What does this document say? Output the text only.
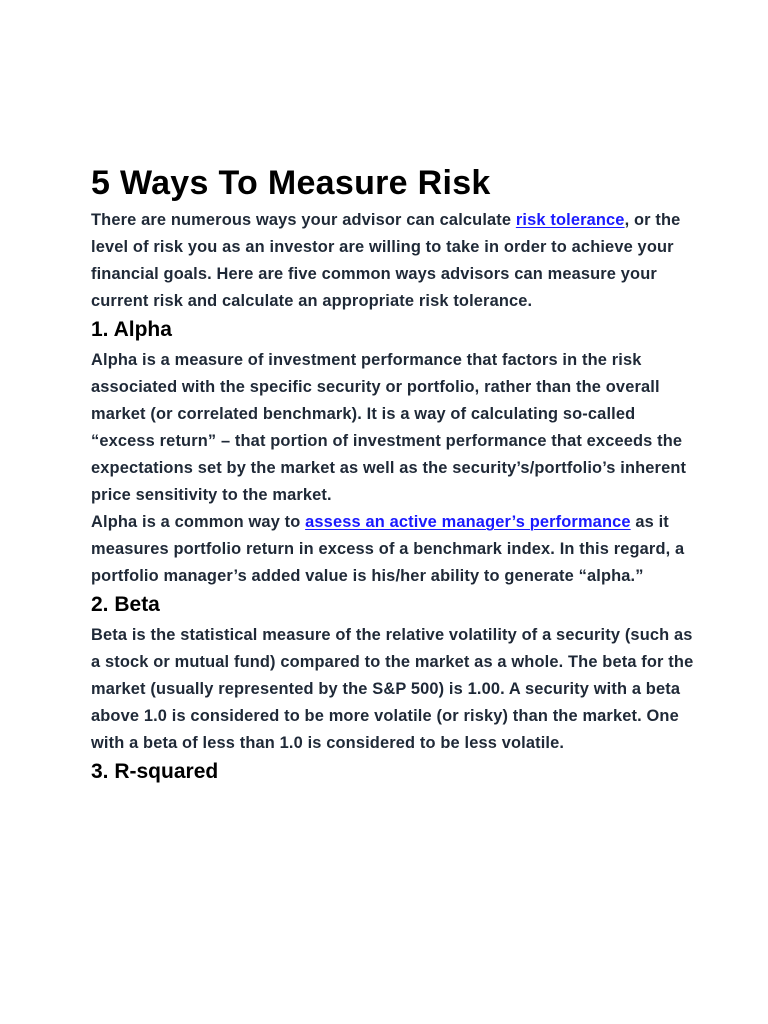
5 Ways To Measure Risk

There are numerous ways your advisor can calculate risk tolerance, or the level of risk you as an investor are willing to take in order to achieve your financial goals. Here are five common ways advisors can measure your current risk and calculate an appropriate risk tolerance.

1. Alpha

Alpha is a measure of investment performance that factors in the risk associated with the specific security or portfolio, rather than the overall market (or correlated benchmark). It is a way of calculating so-called “excess return” – that portion of investment performance that exceeds the expectations set by the market as well as the security’s/portfolio’s inherent price sensitivity to the market.

Alpha is a common way to assess an active manager’s performance as it measures portfolio return in excess of a benchmark index. In this regard, a portfolio manager’s added value is his/her ability to generate “alpha.”

2. Beta

Beta is the statistical measure of the relative volatility of a security (such as a stock or mutual fund) compared to the market as a whole. The beta for the market (usually represented by the S&P 500) is 1.00. A security with a beta above 1.0 is considered to be more volatile (or risky) than the market. One with a beta of less than 1.0 is considered to be less volatile.

3. R-squared
